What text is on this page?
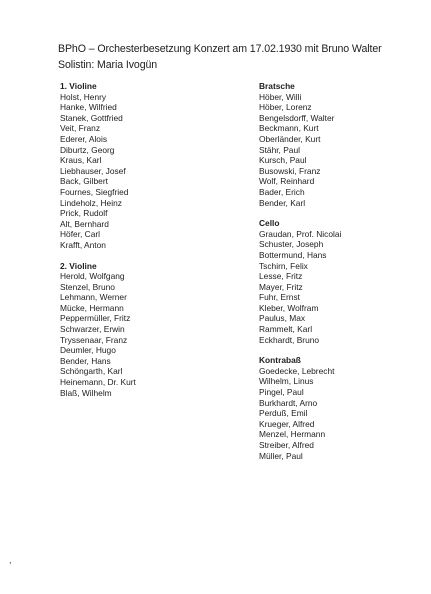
BPhO – Orchesterbesetzung Konzert am 17.02.1930 mit Bruno Walter
Solistin: Maria Ivogün
1. Violine
Holst, Henry
Hanke, Wilfried
Stanek, Gottfried
Veit, Franz
Ederer, Alois
Diburtz, Georg
Kraus, Karl
Liebhauser, Josef
Back, Gilbert
Fournes, Siegfried
Lindeholz, Heinz
Prick, Rudolf
Alt, Bernhard
Höfer, Carl
Krafft, Anton
2. Violine
Herold, Wolfgang
Stenzel, Bruno
Lehmann, Werner
Mücke, Hermann
Peppermüller, Fritz
Schwarzer, Erwin
Tryssenaar, Franz
Deumler, Hugo
Bender, Hans
Schöngarth, Karl
Heinemann, Dr. Kurt
Blaß, Wilhelm
Bratsche
Höber, Willi
Höber, Lorenz
Bengelsdorff, Walter
Beckmann, Kurt
Oberländer, Kurt
Stähr, Paul
Kursch, Paul
Busowski, Franz
Wolf, Reinhard
Bader, Erich
Bender, Karl
Cello
Graudan, Prof. Nicolai
Schuster, Joseph
Bottermund, Hans
Tschirn, Felix
Lesse, Fritz
Mayer, Fritz
Fuhr, Ernst
Kleber, Wolfram
Paulus, Max
Rammelt, Karl
Eckhardt, Bruno
Kontrabaß
Goedecke, Lebrecht
Wilhelm, Linus
Pingel, Paul
Burkhardt, Arno
Perduß, Emil
Krueger, Alfred
Menzel, Hermann
Streiber, Alfred
Müller, Paul
,
